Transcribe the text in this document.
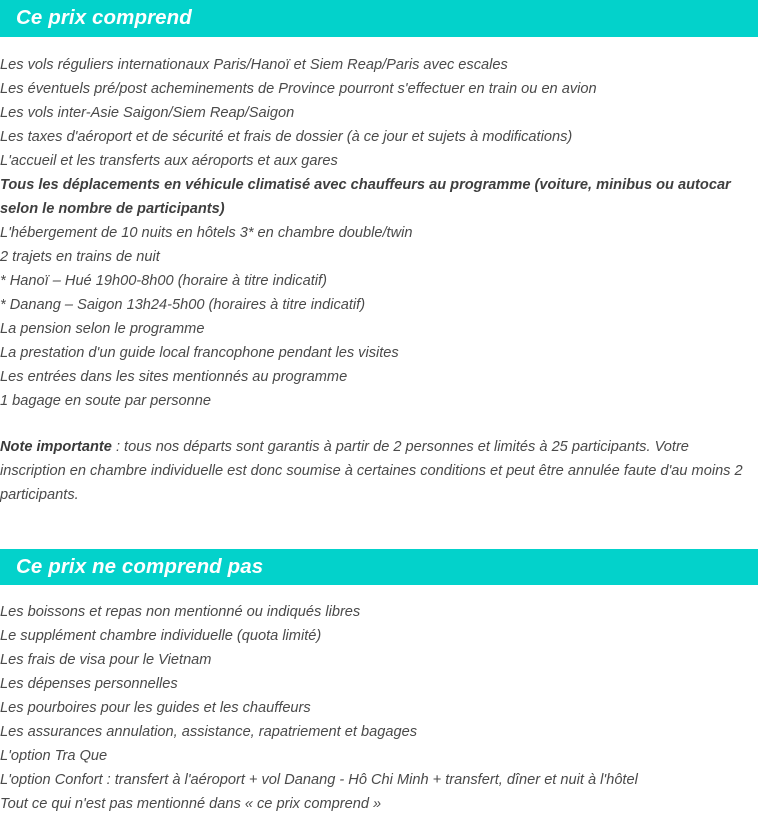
Ce prix comprend
Les vols réguliers internationaux Paris/Hanoï et Siem Reap/Paris avec escales
Les éventuels pré/post acheminements de Province pourront s'effectuer en train ou en avion
Les vols inter-Asie Saigon/Siem Reap/Saigon
Les taxes d'aéroport et de sécurité et frais de dossier (à ce jour et sujets à modifications)
L'accueil et les transferts aux aéroports et aux gares
Tous les déplacements en véhicule climatisé avec chauffeurs au programme (voiture, minibus ou autocar selon le nombre de participants)
L'hébergement de 10 nuits en hôtels 3* en chambre double/twin
2 trajets en trains de nuit
* Hanoï – Hué 19h00-8h00 (horaire à titre indicatif)
* Danang – Saigon 13h24-5h00 (horaires à titre indicatif)
La pension selon le programme
La prestation d'un guide local francophone pendant les visites
Les entrées dans les sites mentionnés au programme
1 bagage en soute par personne
Note importante : tous nos départs sont garantis à partir de 2 personnes et limités à 25 participants. Votre inscription en chambre individuelle est donc soumise à certaines conditions et peut être annulée faute d'au moins 2 participants.
Ce prix ne comprend pas
Les boissons et repas non mentionné ou indiqués libres
Le supplément chambre individuelle (quota limité)
Les frais de visa pour le Vietnam
Les dépenses personnelles
Les pourboires pour les guides et les chauffeurs
Les assurances annulation, assistance, rapatriement et bagages
L'option Tra Que
L'option Confort : transfert à l'aéroport + vol Danang - Hô Chi Minh + transfert, dîner et nuit à l'hôtel
Tout ce qui n'est pas mentionné dans « ce prix comprend »
